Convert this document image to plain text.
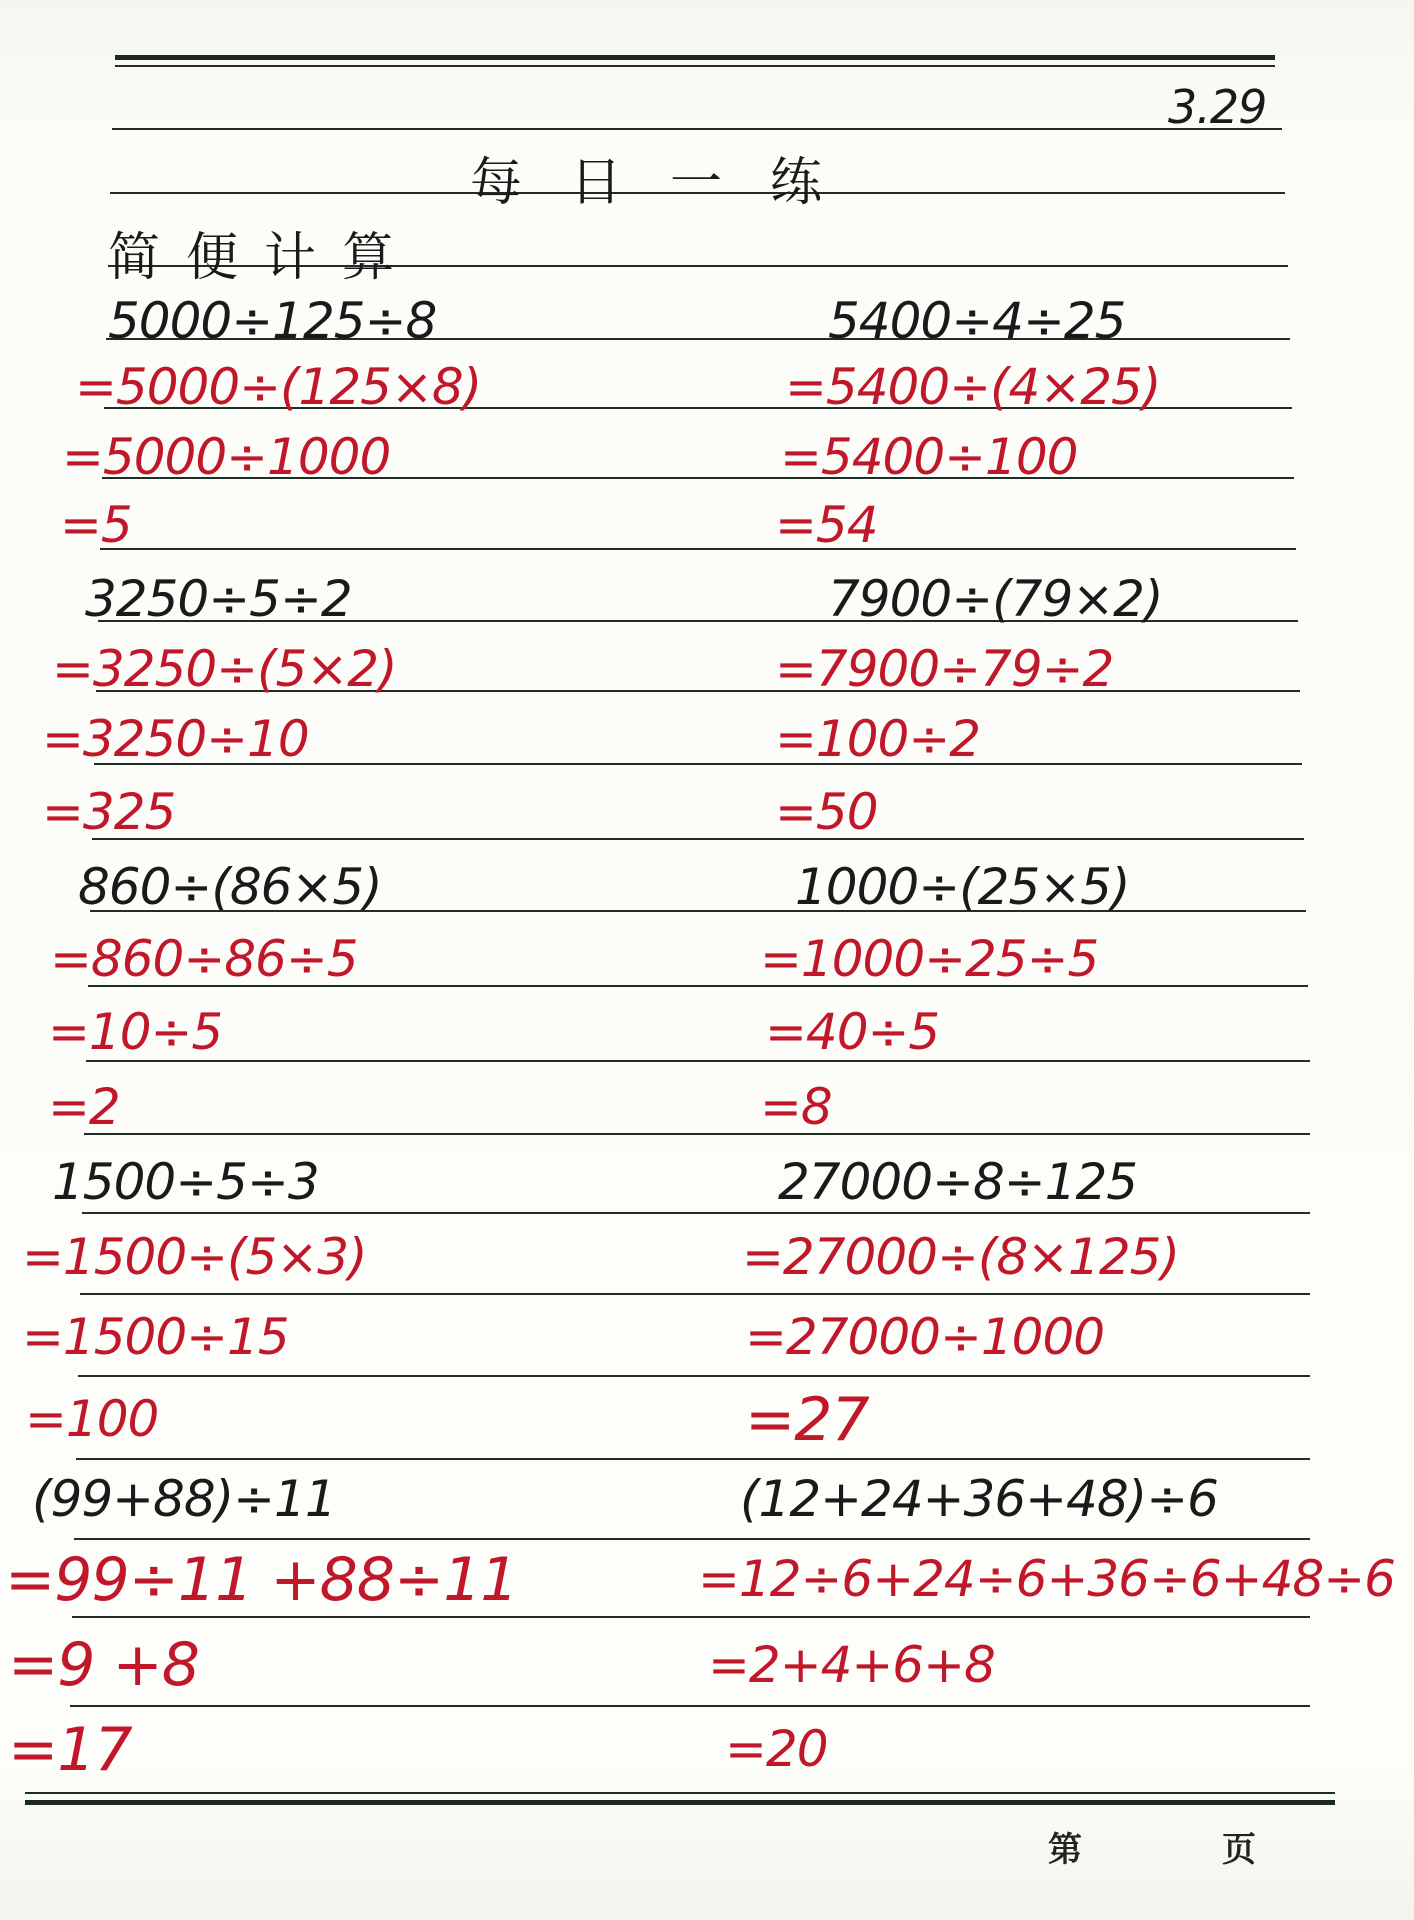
3.29
每日一练
简便计算
5000÷125÷8
=5000÷(125×8)
=5000÷1000
=5
3250÷5÷2
=3250÷(5×2)
=3250÷10
=325
860÷(86×5)
=860÷86÷5
=10÷5
=2
1500÷5÷3
=1500÷(5×3)
=1500÷15
=100
(99+88)÷11
=99÷11 +88÷11
=9 +8
=17
5400÷4÷25
=5400÷(4×25)
=5400÷100
=54
7900÷(79×2)
=7900÷79÷2
=100÷2
=50
1000÷(25×5)
=1000÷25÷5
=40÷5
=8
27000÷8÷125
=27000÷(8×125)
=27000÷1000
=27
(12+24+36+48)÷6
=12÷6+24÷6+36÷6+48÷6
=2+4+6+8
=20
第	页
